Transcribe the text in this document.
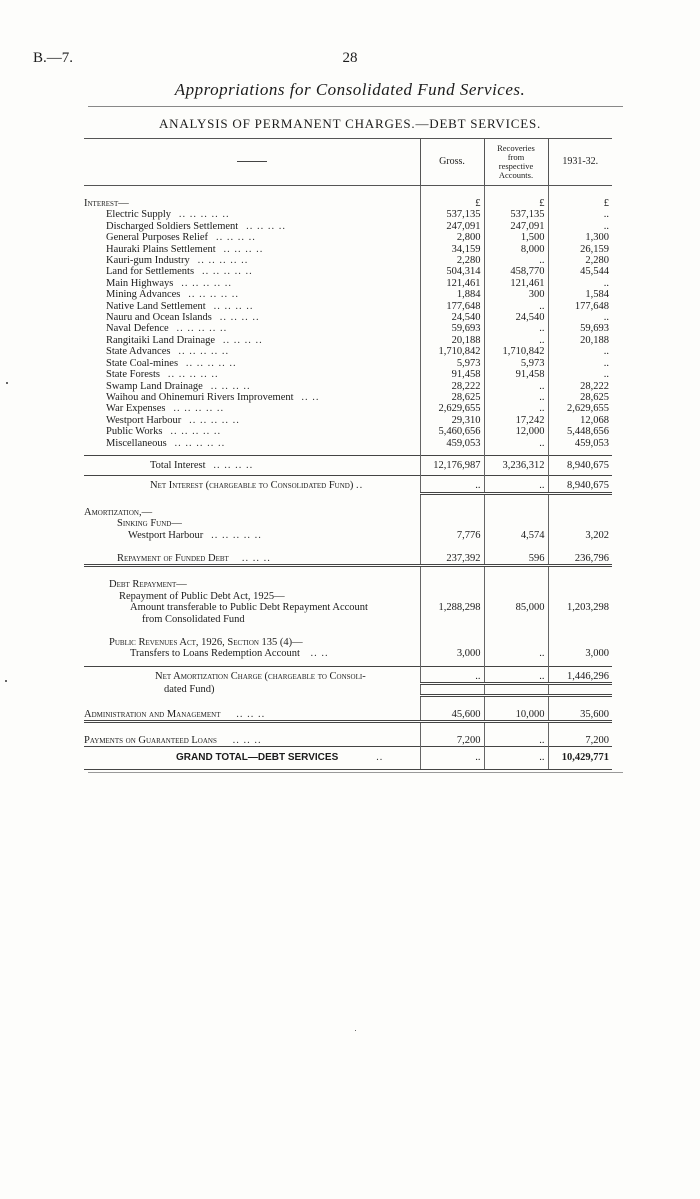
B.—7.	28
Appropriations for Consolidated Fund Services.
ANALYSIS OF PERMANENT CHARGES.—DEBT SERVICES.
	Gross.	Recoveries
from
respective
Accounts.	1931-32.

Interest—	£	£	£
Electric Supply .. .. .. .. ..	537,135	537,135	..
Discharged Soldiers Settlement .. .. .. ..	247,091	247,091	..
General Purposes Relief .. .. .. ..	2,800	1,500	1,300
Hauraki Plains Settlement .. .. .. ..	34,159	8,000	26,159
Kauri-gum Industry .. .. .. .. ..	2,280	..	2,280
Land for Settlements .. .. .. .. ..	504,314	458,770	45,544
Main Highways .. .. .. .. ..	121,461	121,461	..
Mining Advances .. .. .. .. ..	1,884	300	1,584
Native Land Settlement .. .. .. ..	177,648	..	177,648
Nauru and Ocean Islands .. .. .. ..	24,540	24,540	..
Naval Defence .. .. .. .. ..	59,693	..	59,693
Rangitaiki Land Drainage .. .. .. ..	20,188	..	20,188
State Advances .. .. .. .. ..	1,710,842	1,710,842	..
State Coal-mines .. .. .. .. ..	5,973	5,973	..
State Forests .. .. .. .. ..	91,458	91,458	..
Swamp Land Drainage .. .. .. ..	28,222	..	28,222
Waihou and Ohinemuri Rivers Improvement .. ..	28,625	..	28,625
War Expenses .. .. .. .. ..	2,629,655	..	2,629,655
Westport Harbour .. .. .. .. ..	29,310	17,242	12,068
Public Works .. .. .. .. ..	5,460,656	12,000	5,448,656
Miscellaneous .. .. .. .. ..	459,053	..	459,053

Total Interest .. .. .. ..	12,176,987	3,236,312	8,940,675
Net Interest (chargeable to Consolidated Fund) ..	..	..	8,940,675

Amortization,—			
Sinking Fund—			
Westport Harbour .. .. .. .. ..	7,776	4,574	3,202

Repayment of Funded Debt .. .. ..	237,392	596	236,796

Debt Repayment—			
Repayment of Public Debt Act, 1925—			
Amount transferable to Public Debt Repayment Account	1,288,298	85,000	1,203,298
from Consolidated Fund			

Public Revenues Act, 1926, Section 135 (4)—			
Transfers to Loans Redemption Account .. ..	3,000	..	3,000

Net Amortization Charge (chargeable to Consoli-	..	..	1,446,296
dated Fund)			

Administration and Management .. .. ..	45,600	10,000	35,600

Payments on Guaranteed Loans .. .. ..	7,200	..	7,200
GRAND TOTAL—DEBT SERVICES ..	..	..	10,429,771
